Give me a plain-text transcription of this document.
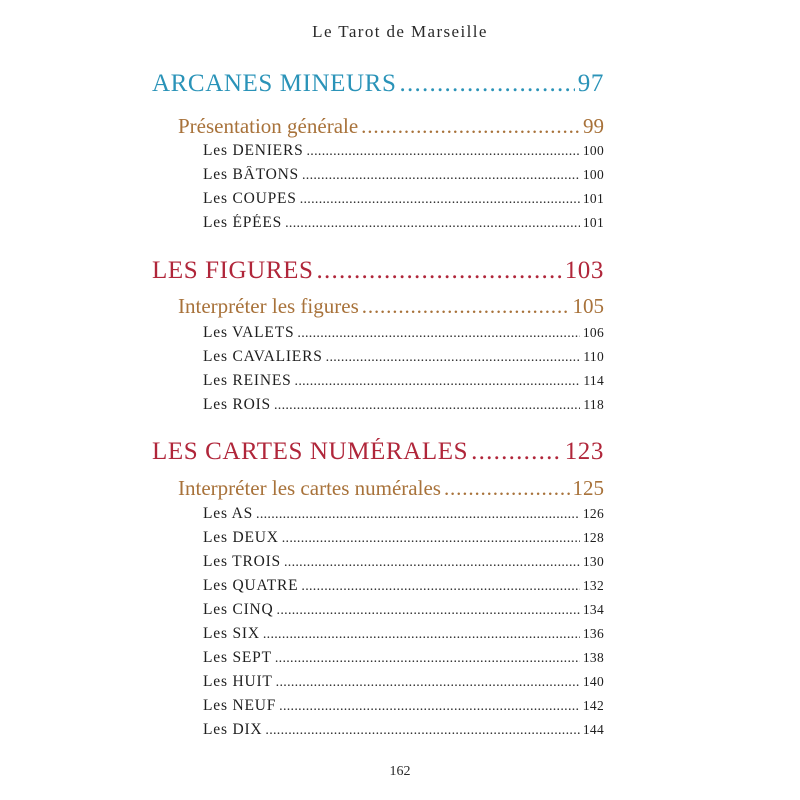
Le Tarot de Marseille
ARCANES MINEURS . . .	97
Présentation générale . . .	99
Les DENIERS . . .	100
Les BÂTONS . . .	100
Les COUPES . . .	101
Les ÉPÉES . . .	101
LES FIGURES . . .	103
Interpréter les figures . . .	105
Les VALETS . . .	106
Les CAVALIERS . . .	110
Les REINES . . .	114
Les ROIS . . .	118
LES CARTES NUMÉRALES . . .	123
Interpréter les cartes numérales . . .	125
Les AS . . .	126
Les DEUX . . .	128
Les TROIS . . .	130
Les QUATRE . . .	132
Les CINQ . . .	134
Les SIX . . .	136
Les SEPT . . .	138
Les HUIT . . .	140
Les NEUF . . .	142
Les DIX . . .	144
162
